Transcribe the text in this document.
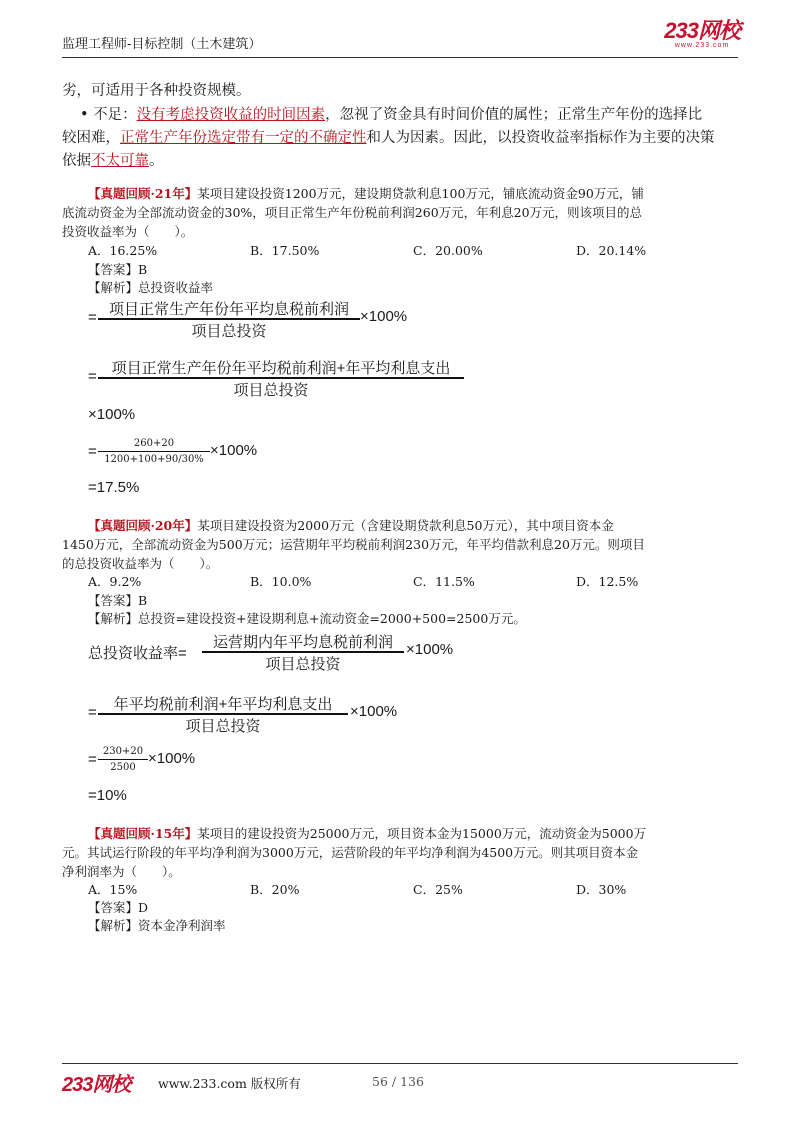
监理工程师-目标控制（土木建筑）
233网校
www.233.com
劣，可适用于各种投资规模。
• 不足：没有考虑投资收益的时间因素，忽视了资金具有时间价值的属性；正常生产年份的选择比
较困难，正常生产年份选定带有一定的不确定性和人为因素。因此，以投资收益率指标作为主要的决策
依据不太可靠。
【真题回顾·21年】某项目建设投资1200万元，建设期贷款利息100万元，铺底流动资金90万元，铺
底流动资金为全部流动资金的30%，项目正常生产年份税前利润260万元，年利息20万元，则该项目的总
投资收益率为（　　）。
A．16.25%	B．17.50%	C．20.00%	D．20.14%
【答案】B
【解析】总投资收益率
= 项目正常生产年份年平均息税前利润
项目总投资
×100%
= 项目正常生产年份年平均税前利润+年平均利息支出
项目总投资
×100%
=	260+20
1200+100+90/30%
×100%
=17.5%
【真题回顾·20年】某项目建设投资为2000万元（含建设期贷款利息50万元），其中项目资本金
1450万元，全部流动资金为500万元；运营期年平均税前利润230万元，年平均借款利息20万元。则项目
的总投资收益率为（　　）。
A．9.2%	B．10.0%	C．11.5%	D．12.5%
【答案】B
【解析】总投资=建设投资+建设期利息+流动资金=2000+500=2500万元。
总投资收益率=
运营期内年平均息税前利润
项目总投资
×100%
=	年平均税前利润+年平均利息支出
项目总投资
×100%
= 230+20
2500
×100%
=10%
【真题回顾·15年】某项目的建设投资为25000万元，项目资本金为15000万元，流动资金为5000万
元。其试运行阶段的年平均净利润为3000万元，运营阶段的年平均净利润为4500万元。则其项目资本金
净利润率为（　　）。
A．15%	B．20%	C．25%	D．30%
【答案】D
【解析】资本金净利润率
233网校 www.233.com 版权所有	56 / 136
